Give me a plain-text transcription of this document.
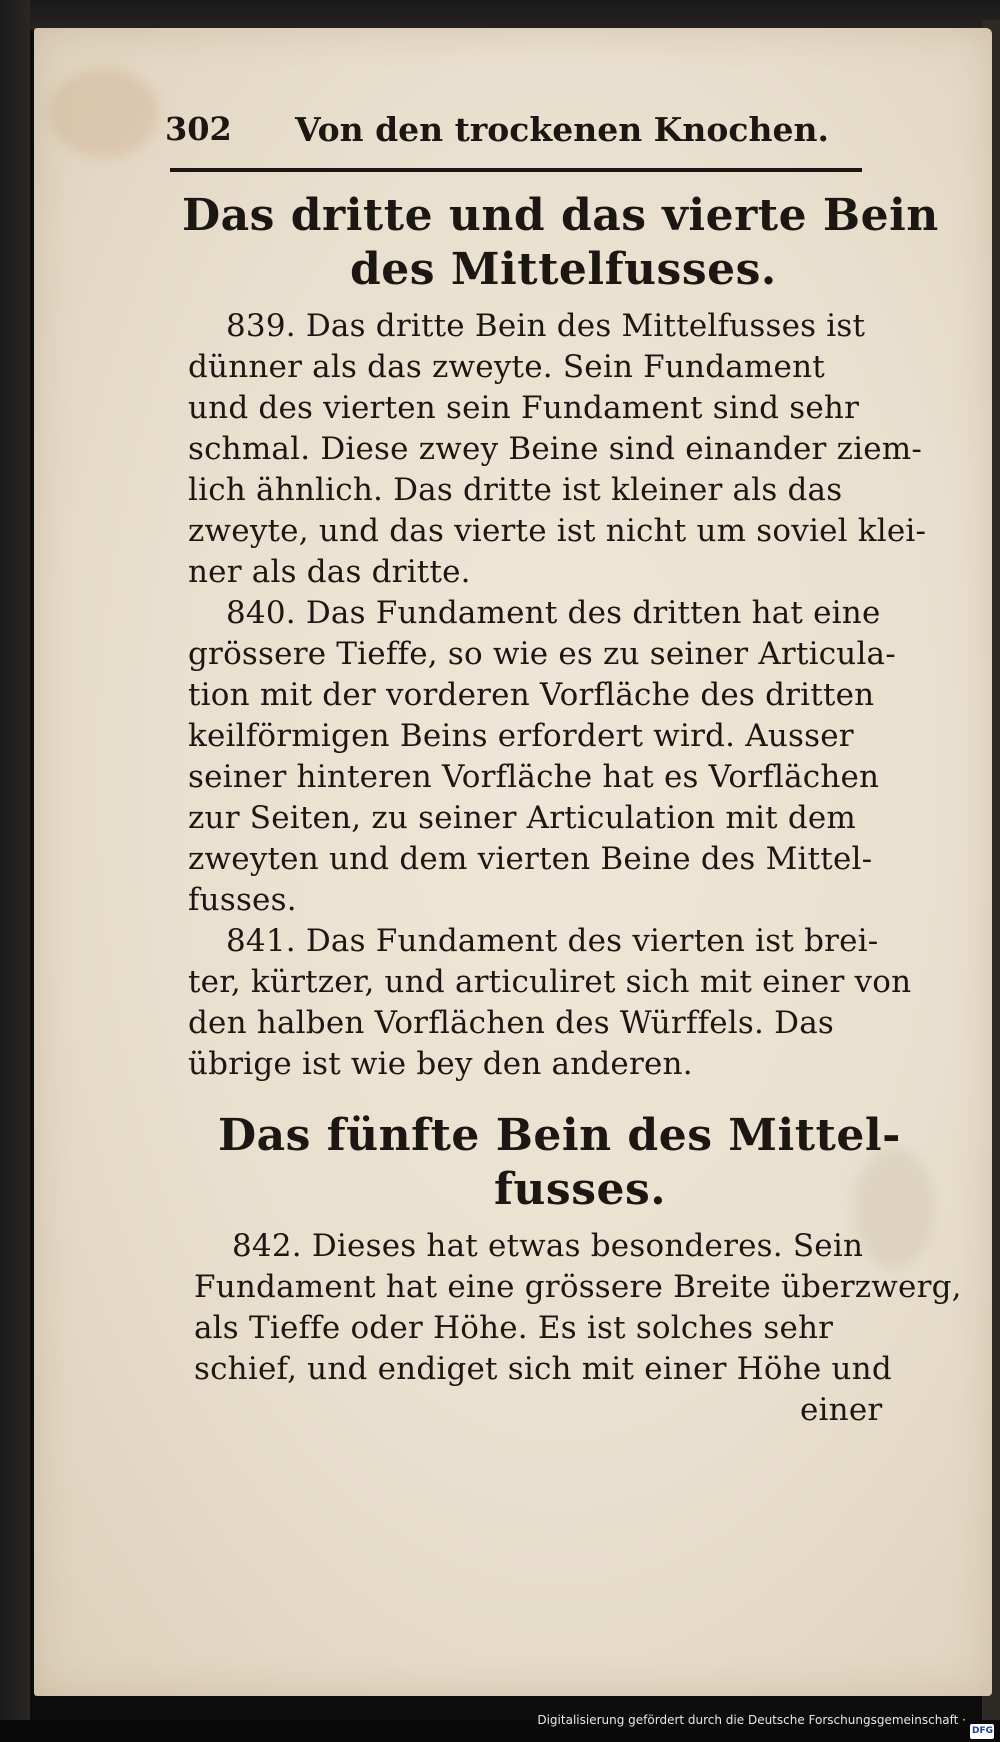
302 Von den trockenen Knochen.

Das dritte und das vierte Bein

des Mittelfusses.

839. Das dritte Bein des Mittelfusses ist

dünner als das zweyte. Sein Fundament

und des vierten sein Fundament sind sehr

schmal. Diese zwey Beine sind einander ziem-

lich ähnlich. Das dritte ist kleiner als das

zweyte, und das vierte ist nicht um soviel klei-

ner als das dritte.

840. Das Fundament des dritten hat eine

grössere Tieffe, so wie es zu seiner Articula-

tion mit der vorderen Vorfläche des dritten

keilförmigen Beins erfordert wird. Ausser

seiner hinteren Vorfläche hat es Vorflächen

zur Seiten, zu seiner Articulation mit dem

zweyten und dem vierten Beine des Mittel-

fusses.

841. Das Fundament des vierten ist brei-

ter, kürtzer, und articuliret sich mit einer von

den halben Vorflächen des Würffels. Das

übrige ist wie bey den anderen.

Das fünfte Bein des Mittel-

fusses.

842. Dieses hat etwas besonderes. Sein

Fundament hat eine grössere Breite überzwerg,

als Tieffe oder Höhe. Es ist solches sehr

schief, und endiget sich mit einer Höhe und

einer

Digitalisierung gefördert durch die Deutsche Forschungsgemeinschaft ·

DFG
